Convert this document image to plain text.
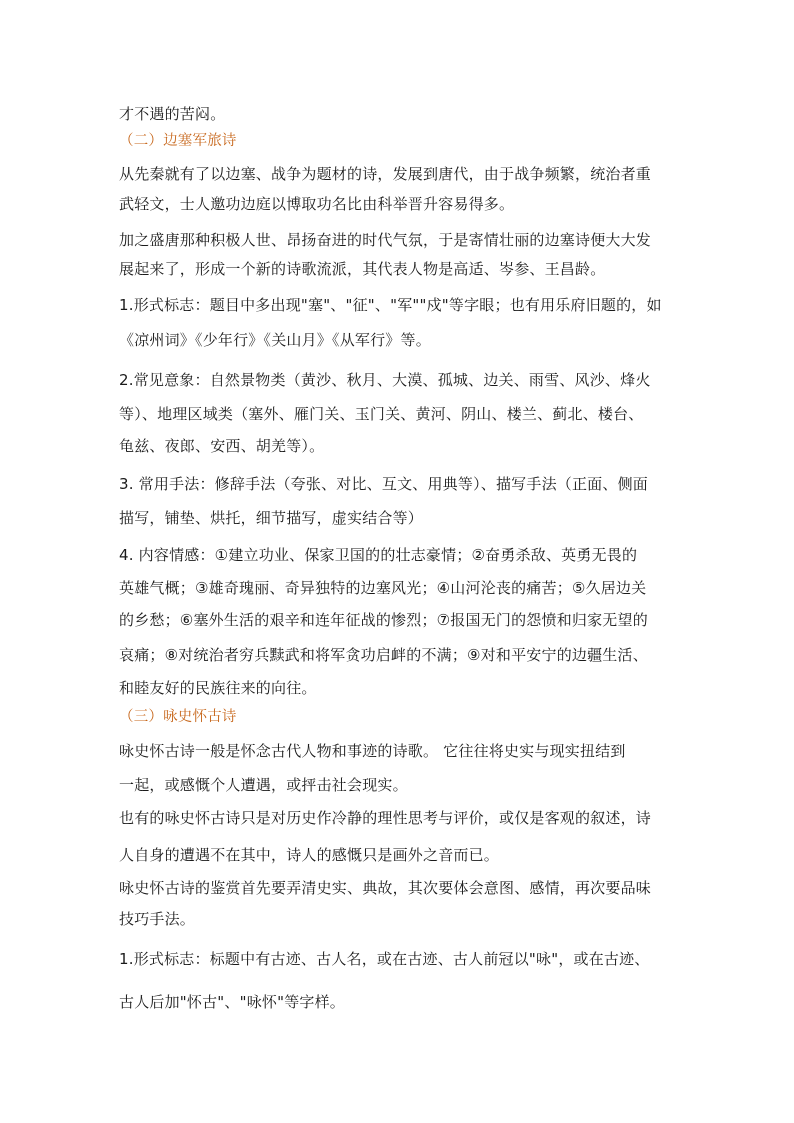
才不遇的苦闷。
（二）边塞军旅诗
从先秦就有了以边塞、战争为题材的诗，发展到唐代，由于战争频繁，统治者重
武轻文，士人邀功边庭以博取功名比由科举晋升容易得多。
加之盛唐那种积极人世、昂扬奋进的时代气氛，于是寄情壮丽的边塞诗便大大发
展起来了，形成一个新的诗歌流派，其代表人物是高适、岑参、王昌龄。
1.形式标志：题目中多出现"塞"、"征"、"军""戍"等字眼；也有用乐府旧题的，如
《凉州词》《少年行》《关山月》《从军行》等。
2.常见意象：自然景物类（黄沙、秋月、大漠、孤城、边关、雨雪、风沙、烽火
等）、地理区域类（塞外、雁门关、玉门关、黄河、阴山、楼兰、蓟北、楼台、
龟兹、夜郎、安西、胡羌等）。
3. 常用手法：修辞手法（夸张、对比、互文、用典等）、描写手法（正面、侧面
描写，铺垫、烘托，细节描写，虚实结合等）
4. 内容情感：①建立功业、保家卫国的的壮志豪情；②奋勇杀敌、英勇无畏的
英雄气概；③雄奇瑰丽、奇异独特的边塞风光；④山河沦丧的痛苦；⑤久居边关
的乡愁；⑥塞外生活的艰辛和连年征战的惨烈；⑦报国无门的怨愤和归家无望的
哀痛；⑧对统治者穷兵黩武和将军贪功启衅的不满；⑨对和平安宁的边疆生活、
和睦友好的民族往来的向往。
（三）咏史怀古诗
咏史怀古诗一般是怀念古代人物和事迹的诗歌。 它往往将史实与现实扭结到
一起，或感慨个人遭遇，或抨击社会现实。
也有的咏史怀古诗只是对历史作冷静的理性思考与评价，或仅是客观的叙述，诗
人自身的遭遇不在其中，诗人的感慨只是画外之音而已。
咏史怀古诗的鉴赏首先要弄清史实、典故，其次要体会意图、感情，再次要品味
技巧手法。
1.形式标志：标题中有古迹、古人名，或在古迹、古人前冠以"咏"，或在古迹、
古人后加"怀古"、"咏怀"等字样。
